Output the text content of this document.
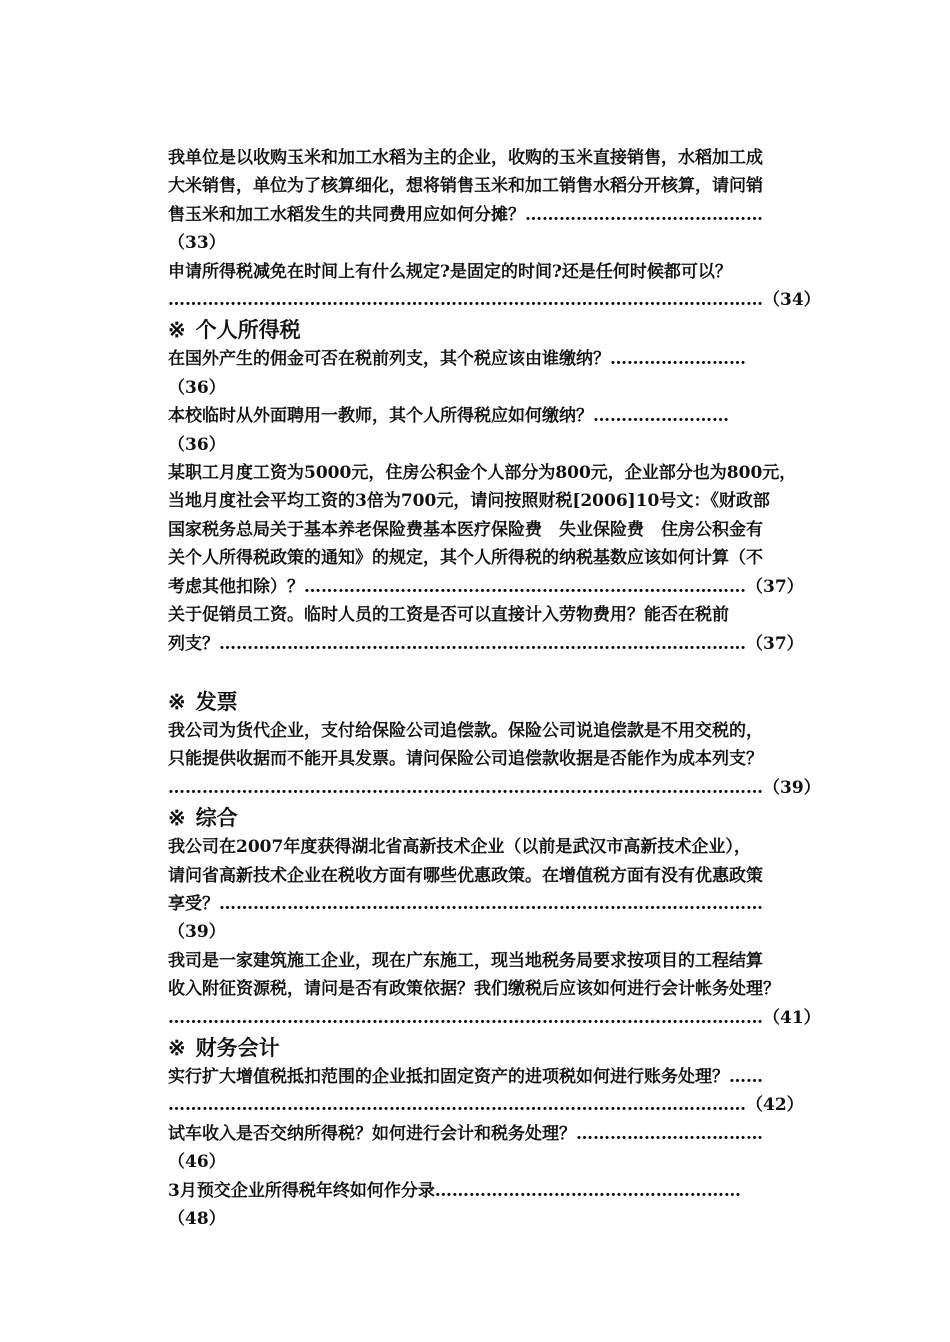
我单位是以收购玉米和加工水稻为主的企业，收购的玉米直接销售，水稻加工成
大米销售，单位为了核算细化，想将销售玉米和加工销售水稻分开核算，请问销
售玉米和加工水稻发生的共同费用应如何分摊？……………………………………
（33）
申请所得税减免在时间上有什么规定?是固定的时间?还是任何时候都可以？
……………………………………………………………………………………………（34）
※ 个人所得税
在国外产生的佣金可否在税前列支，其个税应该由谁缴纳？……………………
（36）
本校临时从外面聘用一教师，其个人所得税应如何缴纳？……………………
（36）
某职工月度工资为5000元，住房公积金个人部分为800元，企业部分也为800元，
当地月度社会平均工资的3倍为700元，请问按照财税[2006]10号文：《财政部
国家税务总局关于基本养老保险费基本医疗保险费　失业保险费　住房公积金有
关个人所得税政策的通知》的规定，其个人所得税的纳税基数应该如何计算（不
考虑其他扣除）？……………………………………………………………………（37）
关于促销员工资。临时人员的工资是否可以直接计入劳物费用？能否在税前
列支？…………………………………………………………………………………（37）
※ 发票
我公司为货代企业，支付给保险公司追偿款。保险公司说追偿款是不用交税的，
只能提供收据而不能开具发票。请问保险公司追偿款收据是否能作为成本列支？
……………………………………………………………………………………………（39）
※ 综合
我公司在2007年度获得湖北省高新技术企业（以前是武汉市高新技术企业），
请问省高新技术企业在税收方面有哪些优惠政策。在增值税方面有没有优惠政策
享受？……………………………………………………………………………………
（39）
我司是一家建筑施工企业，现在广东施工，现当地税务局要求按项目的工程结算
收入附征资源税，请问是否有政策依据？我们缴税后应该如何进行会计帐务处理？
……………………………………………………………………………………………（41）
※ 财务会计
实行扩大增值税抵扣范围的企业抵扣固定资产的进项税如何进行账务处理？……
…………………………………………………………………………………………（42）
试车收入是否交纳所得税？如何进行会计和税务处理？……………………………
（46）
3月预交企业所得税年终如何作分录………………………………………………
（48）
